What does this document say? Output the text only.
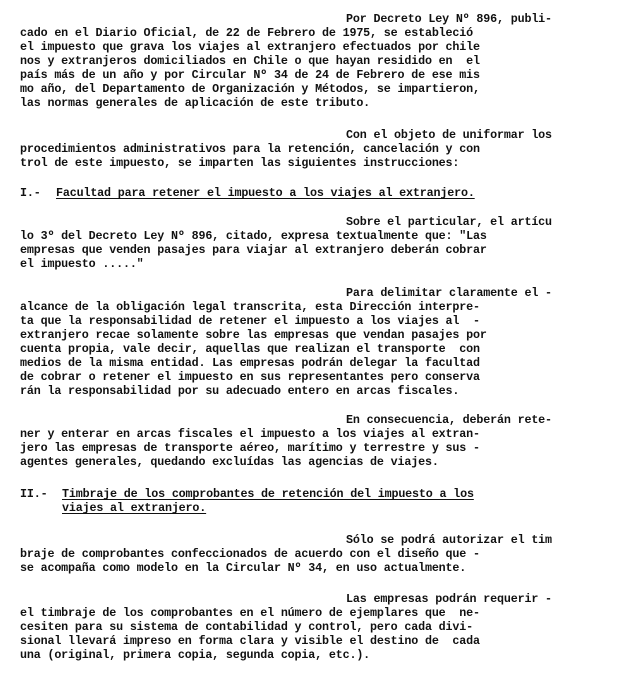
Por Decreto Ley Nº 896, publi-
cado en el Diario Oficial, de 22 de Febrero de 1975, se estableció
el impuesto que grava los viajes al extranjero efectuados por chile
nos y extranjeros domiciliados en Chile o que hayan residido en  el
país más de un año y por Circular Nº 34 de 24 de Febrero de ese mis
mo año, del Departamento de Organización y Métodos, se impartieron,
las normas generales de aplicación de este tributo.
Con el objeto de uniformar los
procedimientos administrativos para la retención, cancelación y con
trol de este impuesto, se imparten las siguientes instrucciones:
I.- Facultad para retener el impuesto a los viajes al extranjero.
Sobre el particular, el artícu
lo 3º del Decreto Ley Nº 896, citado, expresa textualmente que: "Las
empresas que venden pasajes para viajar al extranjero deberán cobrar
el impuesto ....."
Para delimitar claramente el -
alcance de la obligación legal transcrita, esta Dirección interpre-
ta que la responsabilidad de retener el impuesto a los viajes al  -
extranjero recae solamente sobre las empresas que vendan pasajes por
cuenta propia, vale decir, aquellas que realizan el transporte  con
medios de la misma entidad. Las empresas podrán delegar la facultad
de cobrar o retener el impuesto en sus representantes pero conserva
rán la responsabilidad por su adecuado entero en arcas fiscales.
En consecuencia, deberán rete-
ner y enterar en arcas fiscales el impuesto a los viajes al extran-
jero las empresas de transporte aéreo, marítimo y terrestre y sus -
agentes generales, quedando excluídas las agencias de viajes.
II.- Timbraje de los comprobantes de retención del impuesto a los
viajes al extranjero.
Sólo se podrá autorizar el tim
braje de comprobantes confeccionados de acuerdo con el diseño que -
se acompaña como modelo en la Circular Nº 34, en uso actualmente.
Las empresas podrán requerir -
el timbraje de los comprobantes en el número de ejemplares que  ne-
cesiten para su sistema de contabilidad y control, pero cada divi-
sional llevará impreso en forma clara y visible el destino de  cada
una (original, primera copia, segunda copia, etc.).
